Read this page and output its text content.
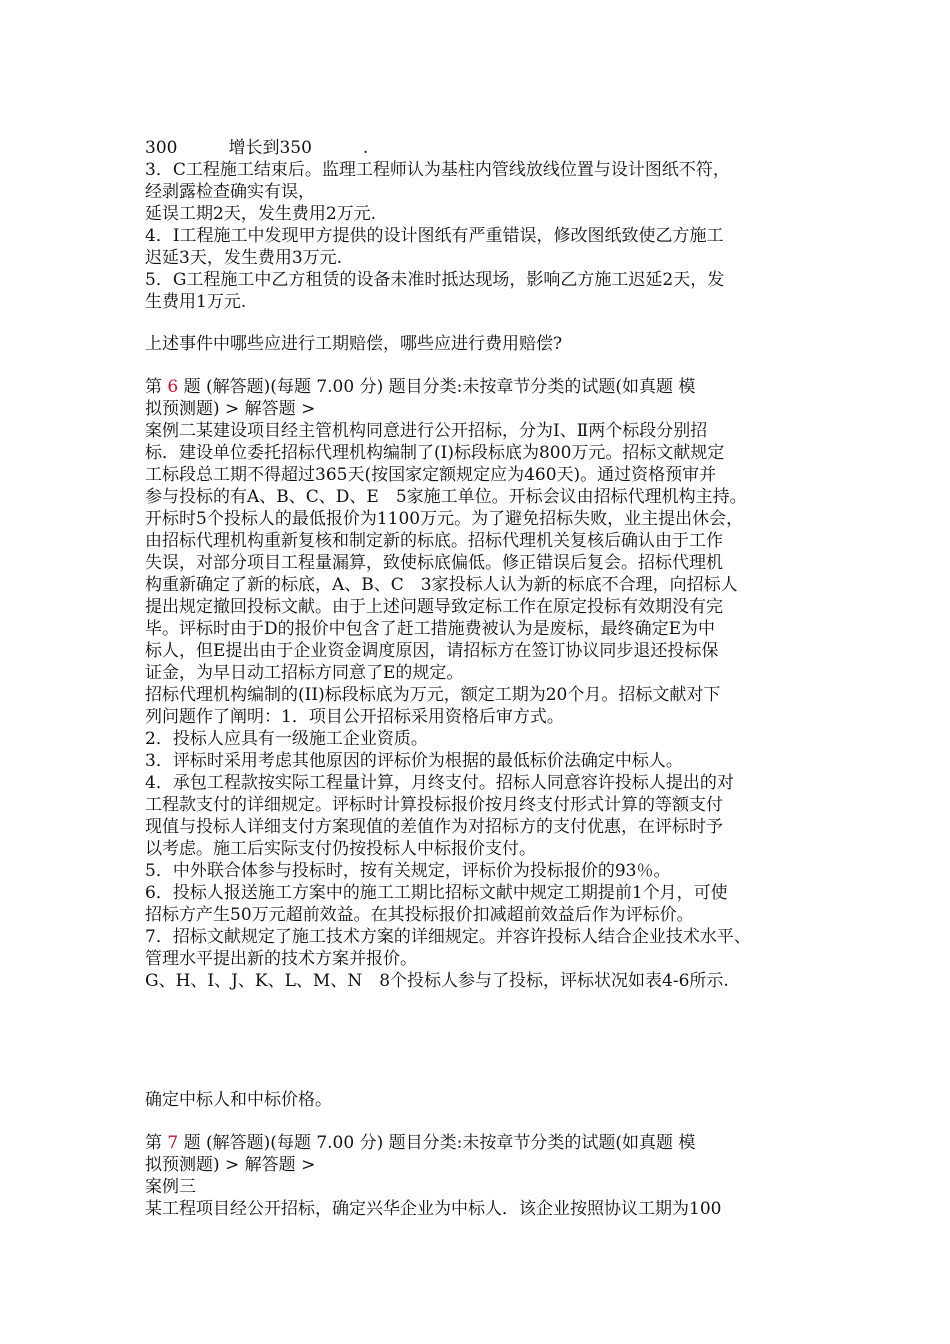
300　　　增长到350　　　.
3．C工程施工结束后。监理工程师认为基柱内管线放线位置与设计图纸不符，
经剥露检查确实有误，
延误工期2天，发生费用2万元.
4．I工程施工中发现甲方提供的设计图纸有严重错误，修改图纸致使乙方施工
迟延3天，发生费用3万元.
5．G工程施工中乙方租赁的设备未准时抵达现场，影响乙方施工迟延2天，发
生费用1万元.
上述事件中哪些应进行工期赔偿，哪些应进行费用赔偿?
第 6 题 (解答题)(每题 7.00 分) 题目分类:未按章节分类的试题(如真题 模
拟预测题) > 解答题 >
案例二某建设项目经主管机构同意进行公开招标，分为I、Ⅱ两个标段分别招
标．建设单位委托招标代理机构编制了(I)标段标底为800万元。招标文献规定
工标段总工期不得超过365天(按国家定额规定应为460天)。通过资格预审并
参与投标的有A、B、C、D、E　5家施工单位。开标会议由招标代理机构主持。
开标时5个投标人的最低报价为1100万元。为了避免招标失败，业主提出休会，
由招标代理机构重新复核和制定新的标底。招标代理机关复核后确认由于工作
失误，对部分项目工程量漏算，致使标底偏低。修正错误后复会。招标代理机
构重新确定了新的标底，A、B、C　3家投标人认为新的标底不合理，向招标人
提出规定撤回投标文献。由于上述问题导致定标工作在原定投标有效期没有完
毕。评标时由于D的报价中包含了赶工措施费被认为是废标，最终确定E为中
标人，但E提出由于企业资金调度原因，请招标方在签订协议同步退还投标保
证金，为早日动工招标方同意了E的规定。
招标代理机构编制的(II)标段标底为万元，额定工期为20个月。招标文献对下
列问题作了阐明：1．项目公开招标采用资格后审方式。
2．投标人应具有一级施工企业资质。
3．评标时采用考虑其他原因的评标价为根据的最低标价法确定中标人。
4．承包工程款按实际工程量计算，月终支付。招标人同意容许投标人提出的对
工程款支付的详细规定。评标时计算投标报价按月终支付形式计算的等额支付
现值与投标人详细支付方案现值的差值作为对招标方的支付优惠，在评标时予
以考虑。施工后实际支付仍按投标人中标报价支付。
5．中外联合体参与投标时，按有关规定，评标价为投标报价的93％。
6．投标人报送施工方案中的施工工期比招标文献中规定工期提前1个月，可使
招标方产生50万元超前效益。在其投标报价扣减超前效益后作为评标价。
7．招标文献规定了施工技术方案的详细规定。并容许投标人结合企业技术水平、
管理水平提出新的技术方案并报价。
G、H、I、J、K、L、M、N　8个投标人参与了投标，评标状况如表4-6所示.
确定中标人和中标价格。
第 7 题 (解答题)(每题 7.00 分) 题目分类:未按章节分类的试题(如真题 模
拟预测题) > 解答题 >
案例三
某工程项目经公开招标，确定兴华企业为中标人．该企业按照协议工期为100
